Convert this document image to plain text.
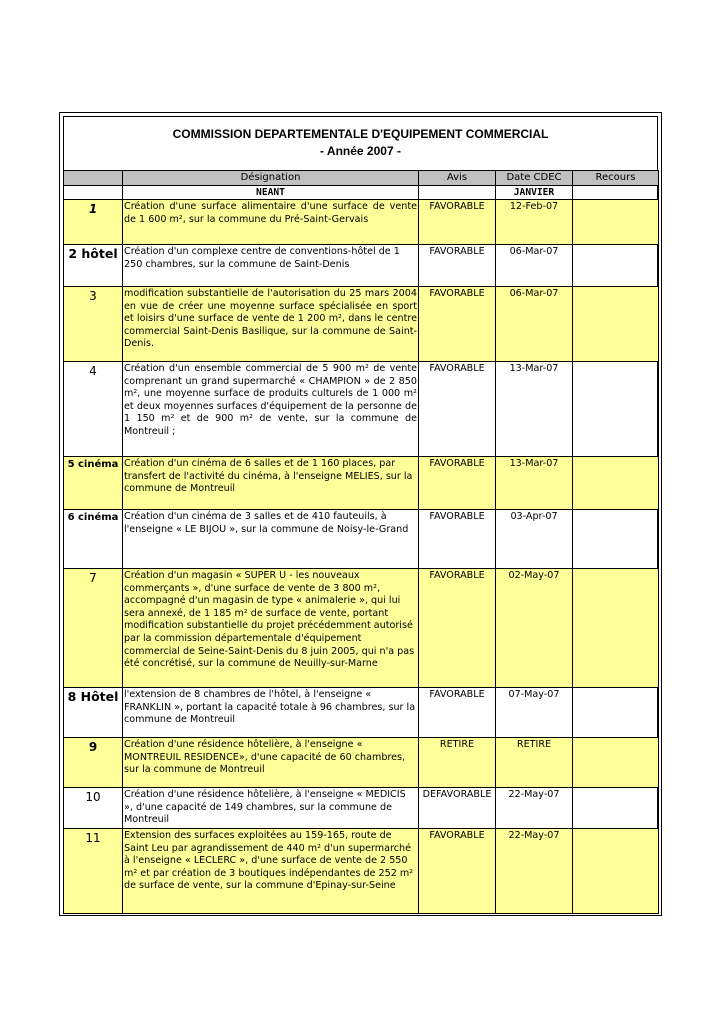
COMMISSION DEPARTEMENTALE D'EQUIPEMENT COMMERCIAL
- Année 2007 -
	Désignation	Avis	Date CDEC	Recours
	NEANT		JANVIER	
1	Création d'une surface alimentaire d'une surface de vente de 1 600 m², sur la commune du Pré-Saint-Gervais	FAVORABLE	12-Feb-07	
2 hôtel	Création d'un complexe centre de conventions-hôtel de 1 250 chambres, sur la commune de Saint-Denis	FAVORABLE	06-Mar-07	
3	modification substantielle de l'autorisation du 25 mars 2004 en vue de créer une moyenne surface spécialisée en sport et loisirs d'une surface de vente de 1 200 m², dans le centre commercial Saint-Denis Basilique, sur la commune de Saint-Denis.	FAVORABLE	06-Mar-07	
4	Création d'un ensemble commercial de 5 900 m² de vente comprenant un grand supermarché « CHAMPION » de 2 850 m², une moyenne surface de produits culturels de 1 000 m² et deux moyennes surfaces d'équipement de la personne de 1 150 m² et de 900 m² de vente, sur la commune de Montreuil ;	FAVORABLE	13-Mar-07	
5 cinéma	Création d'un cinéma de 6 salles et de 1 160 places, par transfert de l'activité du cinéma, à l'enseigne MELIES, sur la commune de Montreuil	FAVORABLE	13-Mar-07	
6 cinéma	Création d'un cinéma de 3 salles et de 410 fauteuils, à l'enseigne « LE BIJOU », sur la commune de Noisy-le-Grand	FAVORABLE	03-Apr-07	
7	Création d'un magasin « SUPER U - les nouveaux commerçants », d'une surface de vente de 3 800 m², accompagné d'un magasin de type « animalerie », qui lui sera annexé, de 1 185 m² de surface de vente, portant modification substantielle du projet précédemment autorisé par la commission départementale d'équipement commercial de Seine-Saint-Denis du 8 juin 2005, qui n'a pas été concrétisé, sur la commune de Neuilly-sur-Marne	FAVORABLE	02-May-07	
8 Hôtel	l'extension de 8 chambres de l'hôtel, à l'enseigne « FRANKLIN », portant la capacité totale à 96 chambres, sur la commune de Montreuil	FAVORABLE	07-May-07	
9	Création d'une résidence hôtelière, à l'enseigne « MONTREUIL RESIDENCE», d'une capacité de 60 chambres, sur la commune de Montreuil	RETIRE	RETIRE	
10	Création d'une résidence hôtelière, à l'enseigne « MEDICIS », d'une capacité de 149 chambres, sur la commune de Montreuil	DEFAVORABLE	22-May-07	
11	Extension des surfaces exploitées au 159-165, route de Saint Leu par agrandissement de 440 m² d'un supermarché à l'enseigne « LECLERC », d'une surface de vente de 2 550 m² et par création de 3 boutiques indépendantes de 252 m² de surface de vente, sur la commune d'Epinay-sur-Seine	FAVORABLE	22-May-07	
